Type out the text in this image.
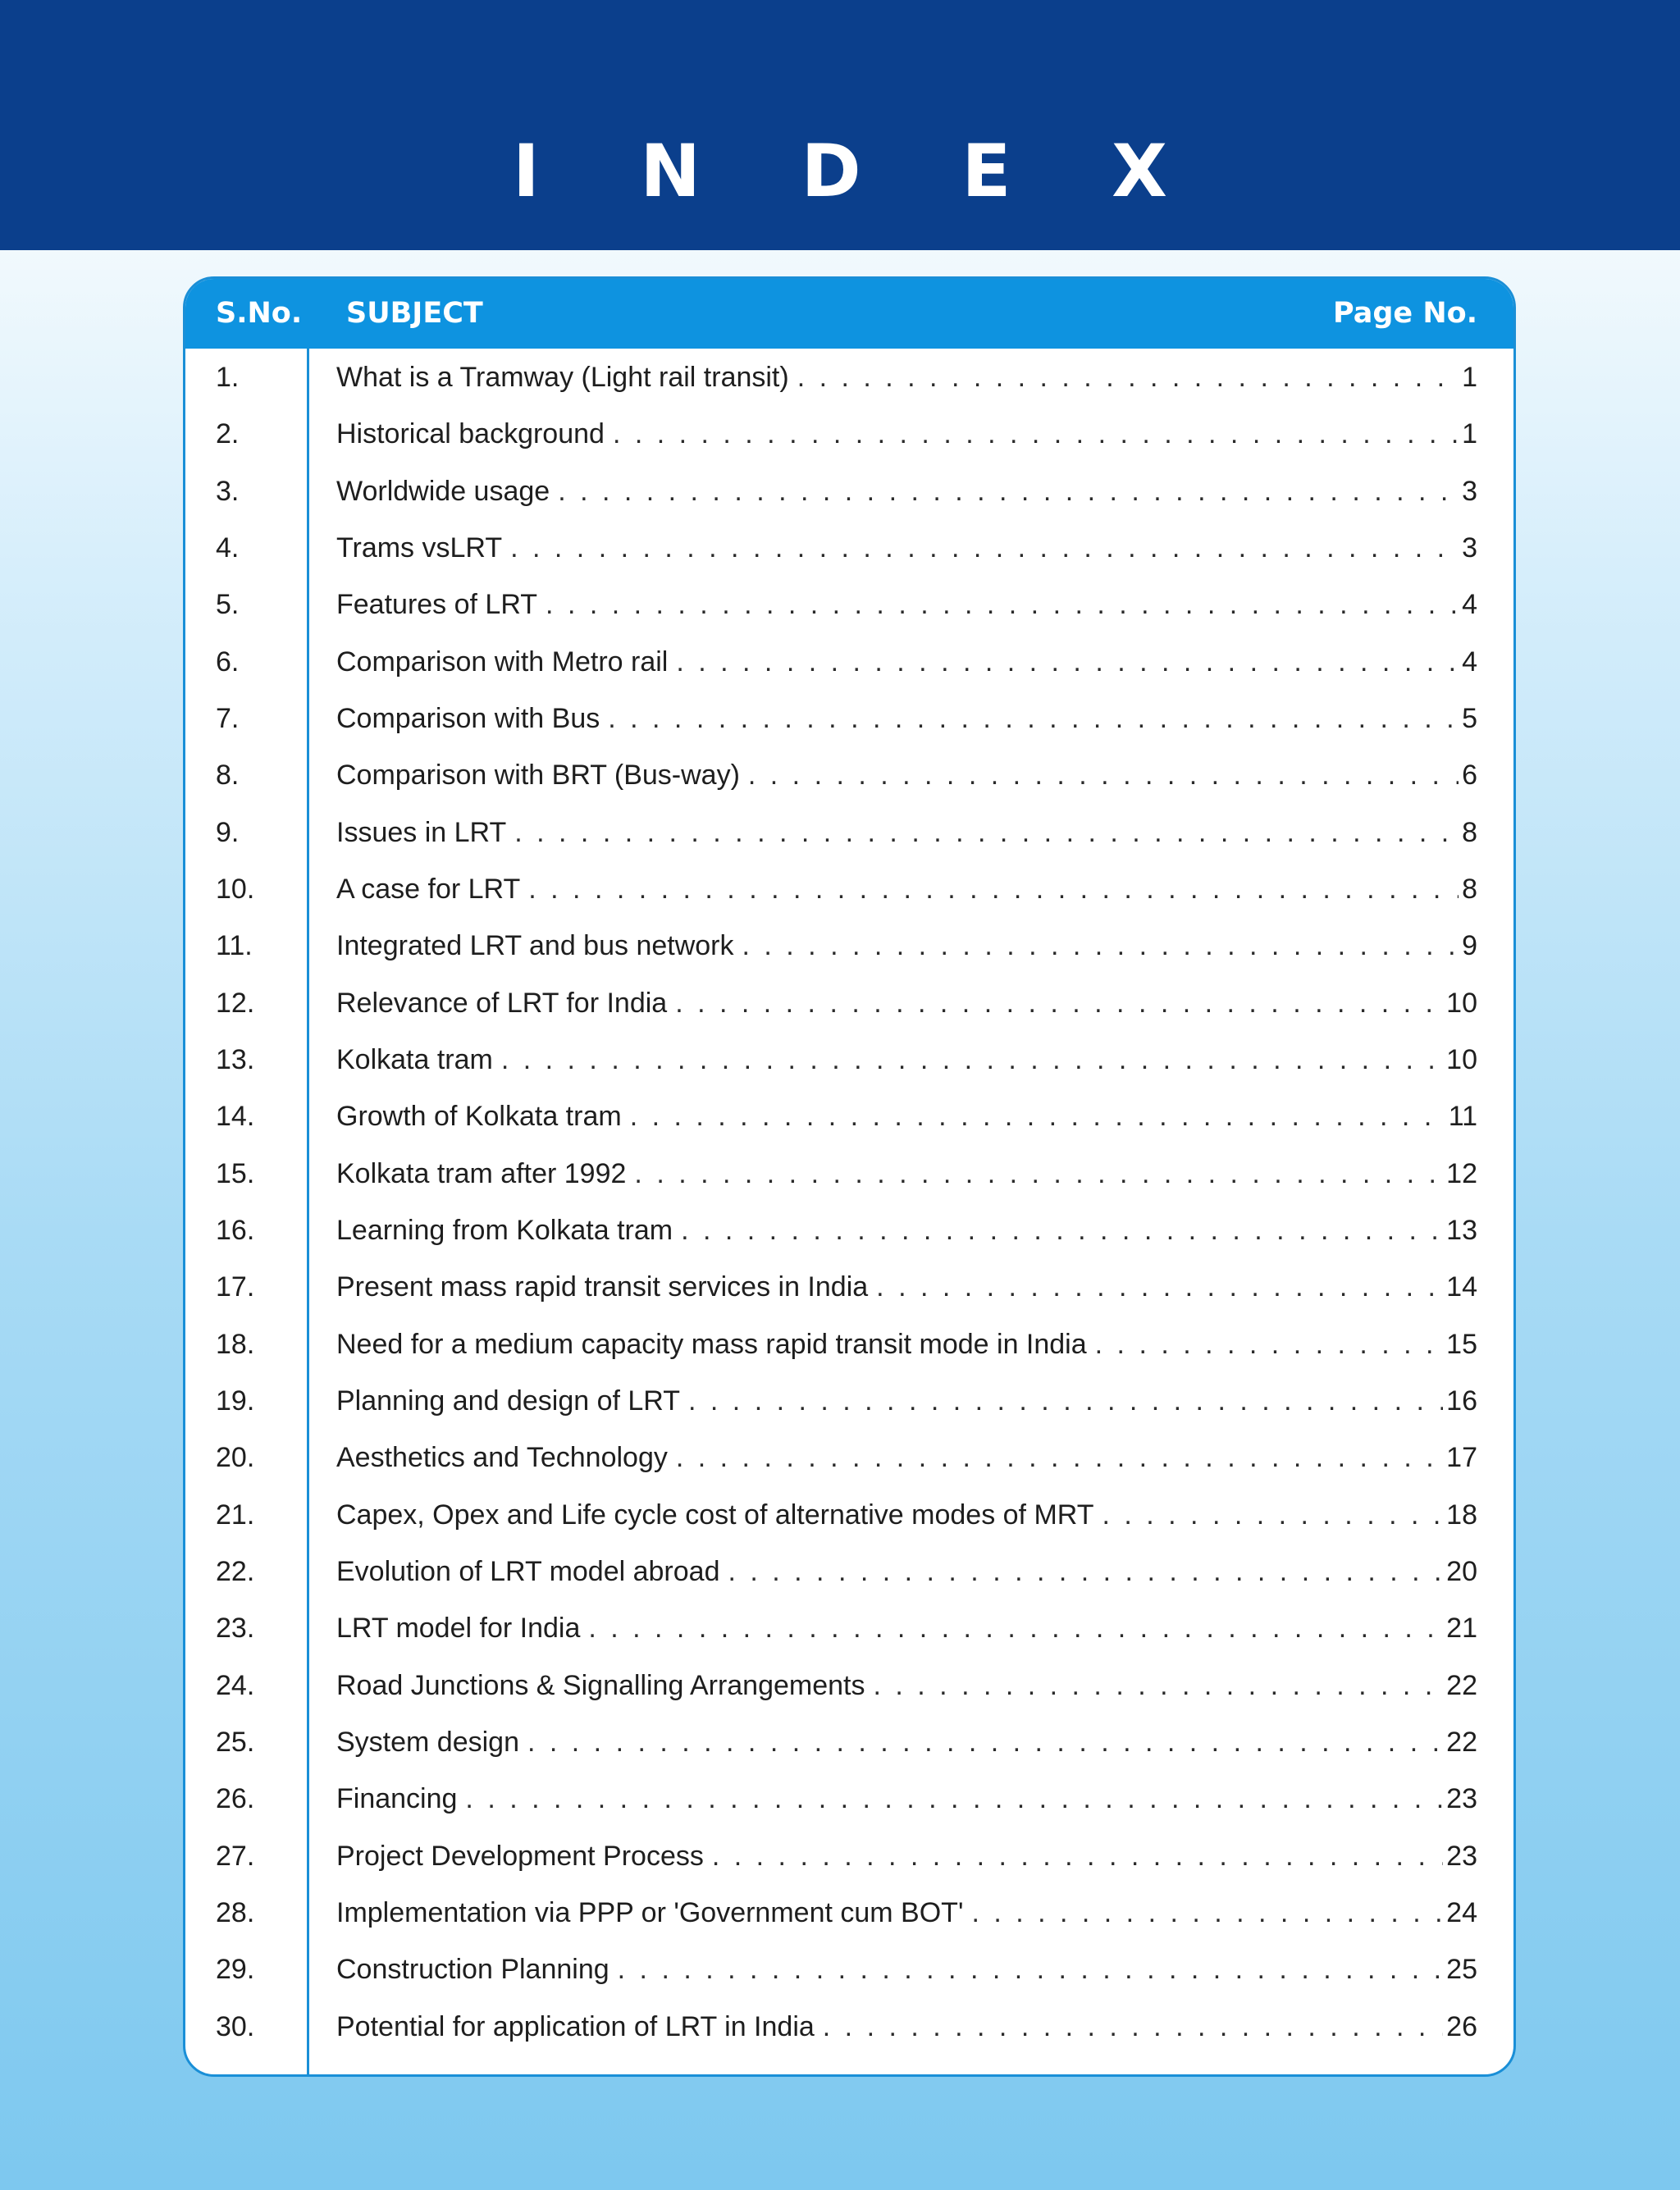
I N D E X
S.No. SUBJECT	Page No.
1.	What is a Tramway (Light rail transit) . . .	1
2.	Historical background . . .	1
3.	Worldwide usage . . .	3
4.	Trams vsLRT . . .	3
5.	Features of LRT . . .	4
6.	Comparison with Metro rail . . .	4
7.	Comparison with Bus . . .	5
8.	Comparison with BRT (Bus-way) . . .	6
9.	Issues in LRT . . .	8
10.	A case for LRT . . .	8
11.	Integrated LRT and bus network . . .	9
12.	Relevance of LRT for India . . .	10
13.	Kolkata tram . . .	10
14.	Growth of Kolkata tram . . .	11
15.	Kolkata tram after 1992 . . .	12
16.	Learning from Kolkata tram . . .	13
17.	Present mass rapid transit services in India . . .	14
18.	Need for a medium capacity mass rapid transit mode in India . . .	15
19.	Planning and design of LRT . . .	16
20.	Aesthetics and Technology . . .	17
21.	Capex, Opex and Life cycle cost of alternative modes of MRT . . .	18
22.	Evolution of LRT model abroad . . .	20
23.	LRT model for India . . .	21
24.	Road Junctions & Signalling Arrangements . . .	22
25.	System design . . .	22
26.	Financing . . .	23
27.	Project Development Process . . .	23
28.	Implementation via PPP or 'Government cum BOT' . . .	24
29.	Construction Planning . . .	25
30.	Potential for application of LRT in India . . .	26
